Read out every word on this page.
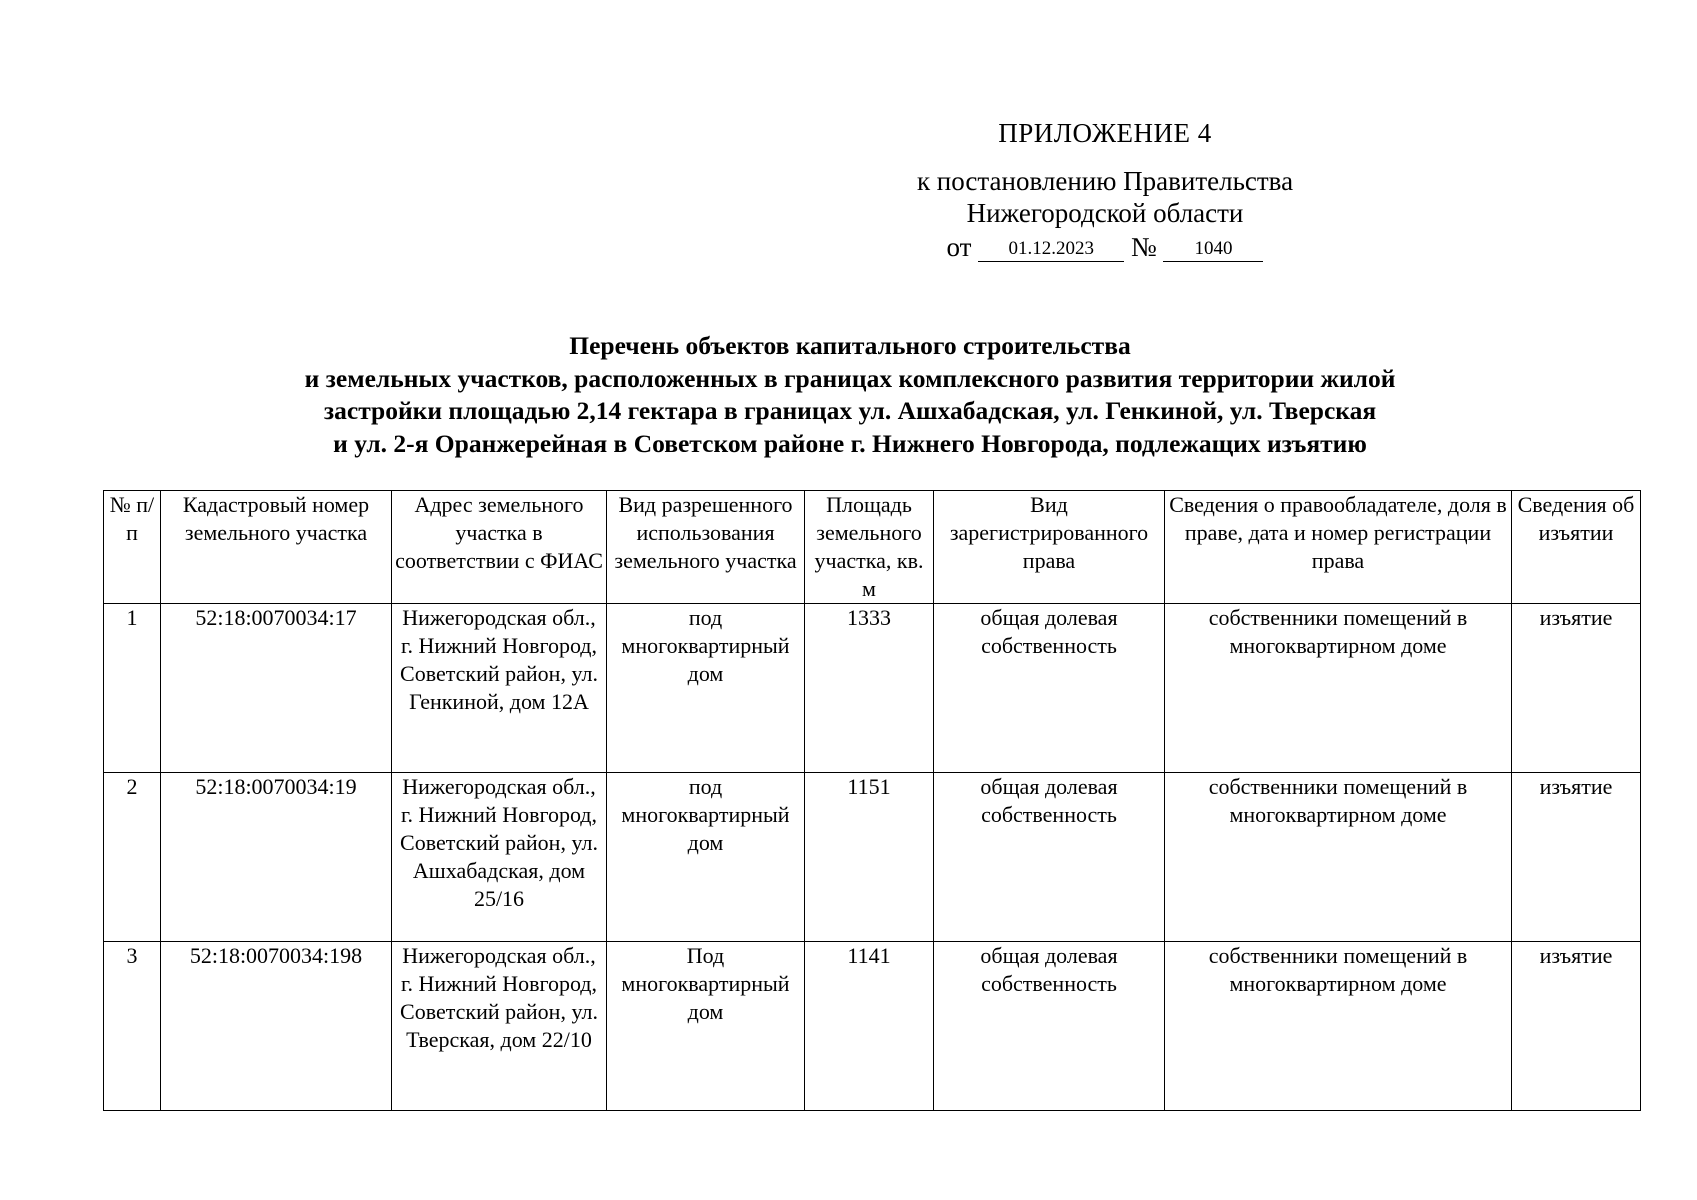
ПРИЛОЖЕНИЕ 4
к постановлению Правительства
Нижегородской области
от 01.12.2023 № 1040
Перечень объектов капитального строительства
и земельных участков, расположенных в границах комплексного развития территории жилой
застройки площадью 2,14 гектара в границах ул. Ашхабадская, ул. Генкиной, ул. Тверская
и ул. 2-я Оранжерейная в Советском районе г. Нижнего Новгорода, подлежащих изъятию
№ п/п	Кадастровый номер земельного участка	Адрес земельного участка в соответствии с ФИАС	Вид разрешенного использования земельного участка	Площадь земельного участка, кв. м	Вид зарегистрированного права	Сведения о правообладателе, доля в праве, дата и номер регистрации права	Сведения об изъятии
1	52:18:0070034:17	Нижегородская обл., г. Нижний Новгород, Советский район, ул. Генкиной, дом 12А	под многоквартирный дом	1333	общая долевая собственность	собственники помещений в многоквартирном доме	изъятие
2	52:18:0070034:19	Нижегородская обл., г. Нижний Новгород, Советский район, ул. Ашхабадская, дом 25/16	под многоквартирный дом	1151	общая долевая собственность	собственники помещений в многоквартирном доме	изъятие
3	52:18:0070034:198	Нижегородская обл., г. Нижний Новгород, Советский район, ул. Тверская, дом 22/10	Под многоквартирный дом	1141	общая долевая собственность	собственники помещений в многоквартирном доме	изъятие
